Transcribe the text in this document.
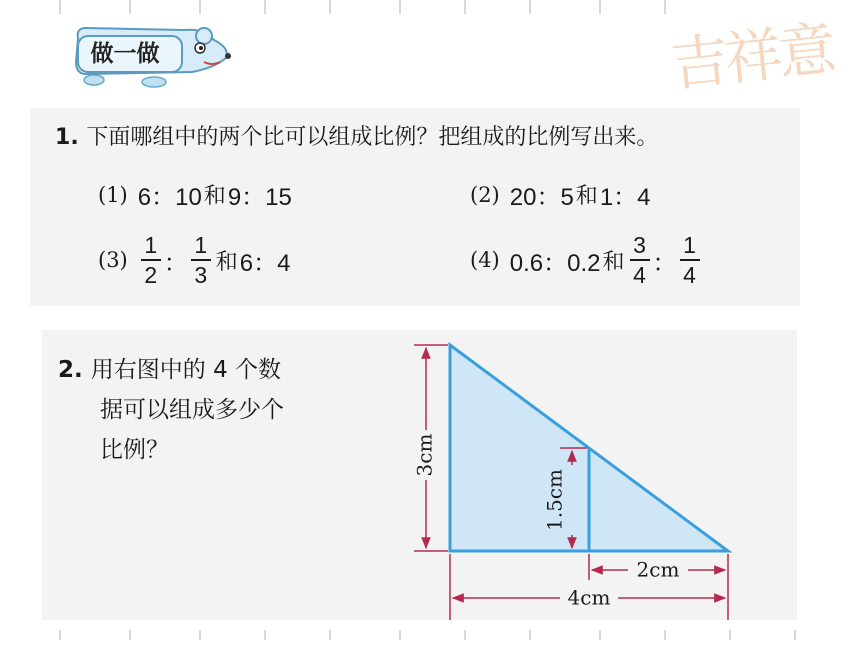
吉祥意
做一做
1. 下面哪组中的两个比可以组成比例？把组成的比例写出来。
(1) 6：10 和 9：15	(2) 20：5 和 1：4
$(3) \frac{1}{2}$ ： $\frac{1}{3}$ 和 6：4	(4) 0.6：0.2 和 $\frac{3}{4}$ ： $\frac{1}{4}$
2. 用右图中的 4 个数
据可以组成多少个
比例？	3cm
1.5cm
2cm
4cm
